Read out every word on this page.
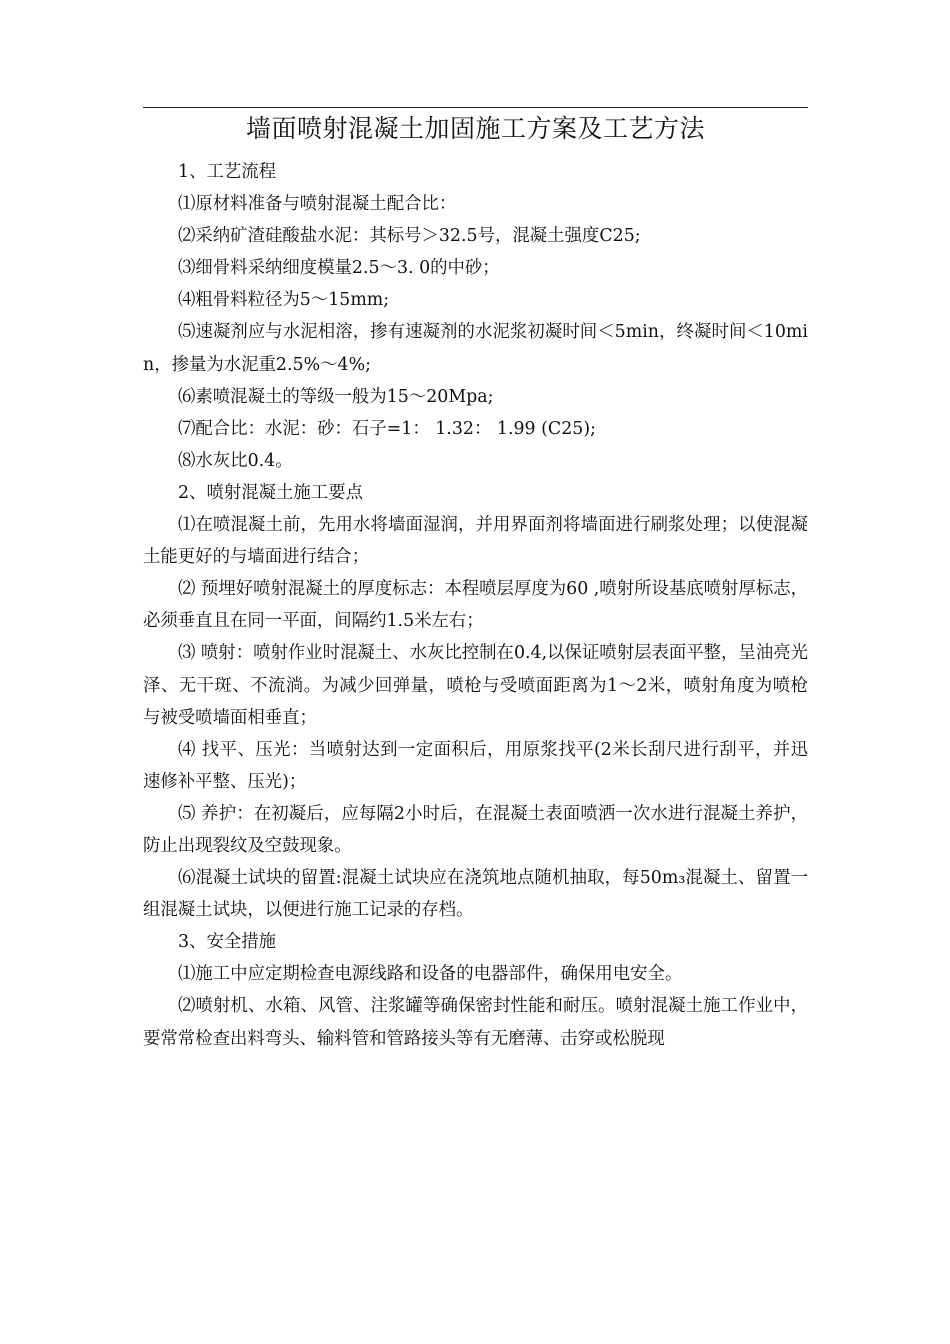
墙面喷射混凝土加固施工方案及工艺方法

1、工艺流程

⑴原材料准备与喷射混凝土配合比：

⑵采纳矿渣硅酸盐水泥：其标号＞32.5号，混凝土强度C25;

⑶细骨料采纳细度模量2.5〜3. 0的中砂；

⑷粗骨料粒径为5〜15mm;

⑸速凝剂应与水泥相溶，掺有速凝剂的水泥浆初凝时间＜5min，终凝时间＜10min，掺量为水泥重2.5%〜4%;

⑹素喷混凝土的等级一般为15〜20Mpa;

⑺配合比：水泥：砂：石子=1： 1.32： 1.99 (C25);

⑻水灰比0.4。

2、喷射混凝土施工要点

⑴在喷混凝土前，先用水将墙面湿润，并用界面剂将墙面进行刷浆处理；以使混凝土能更好的与墙面进行结合；

⑵ 预埋好喷射混凝土的厚度标志：本程喷层厚度为60 ,喷射所设基底喷射厚标志，必须垂直且在同一平面，间隔约1.5米左右；

⑶ 喷射：喷射作业时混凝土、水灰比控制在0.4,以保证喷射层表面平整，呈油亮光泽、无干斑、不流淌。为减少回弹量，喷枪与受喷面距离为1〜2米，喷射角度为喷枪与被受喷墙面相垂直；

⑷ 找平、压光：当喷射达到一定面积后，用原浆找平(2米长刮尺进行刮平，并迅速修补平整、压光)；

⑸ 养护：在初凝后，应每隔2小时后，在混凝土表面喷洒一次水进行混凝土养护，防止出现裂纹及空鼓现象。

⑹混凝土试块的留置:混凝土试块应在浇筑地点随机抽取，每50m₃混凝土、留置一组混凝土试块，以便进行施工记录的存档。

3、安全措施

⑴施工中应定期检查电源线路和设备的电器部件，确保用电安全。

⑵喷射机、水箱、风管、注浆罐等确保密封性能和耐压。喷射混凝土施工作业中，要常常检查出料弯头、输料管和管路接头等有无磨薄、击穿或松脱现
